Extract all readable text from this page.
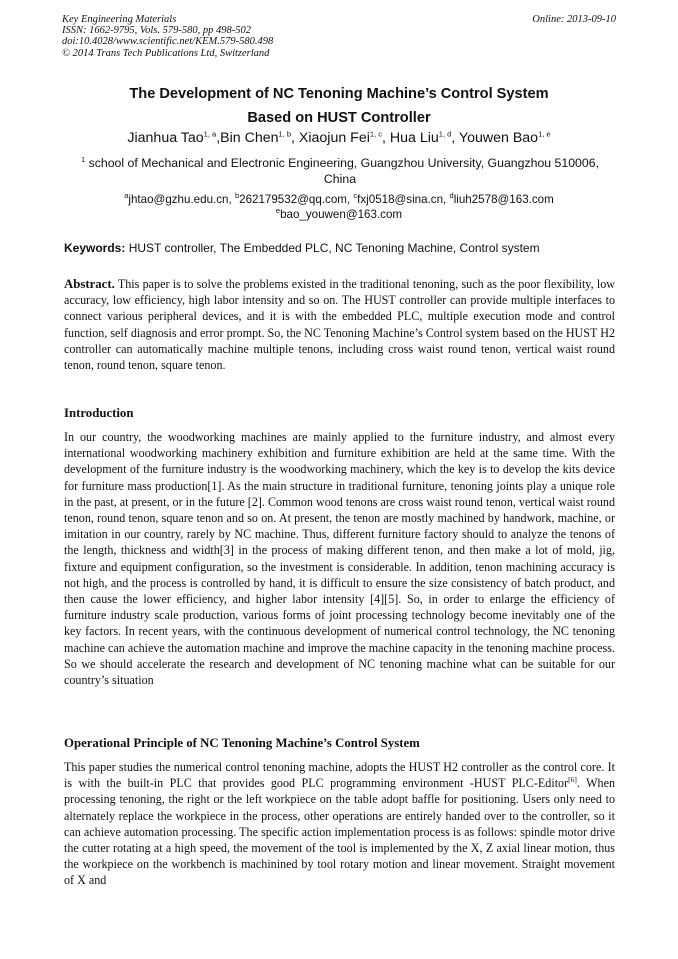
Key Engineering Materials
ISSN: 1662-9795, Vols. 579-580, pp 498-502
doi:10.4028/www.scientific.net/KEM.579-580.498
© 2014 Trans Tech Publications Ltd, Switzerland
Online: 2013-09-10
The Development of NC Tenoning Machine’s Control System
Based on HUST Controller
Jianhua Tao$^{1, a}$,Bin Chen$^{1, b}$, Xiaojun Fei$^{1, c}$, Hua Liu$^{1, d}$, Youwen Bao$^{1, e}$
$^1$ school of Mechanical and Electronic Engineering, Guangzhou University, Guangzhou 510006, China
$^a$jhtao@gzhu.edu.cn, $^b$262179532@qq.com, $^c$fxj0518@sina.cn, $^d$liuh2578@163.com
$^e$bao_youwen@163.com
Keywords: HUST controller, The Embedded PLC, NC Tenoning Machine, Control system
Abstract. This paper is to solve the problems existed in the traditional tenoning, such as the poor flexibility, low accuracy, low efficiency, high labor intensity and so on. The HUST controller can provide multiple interfaces to connect various peripheral devices, and it is with the embedded PLC, multiple execution mode and control function, self diagnosis and error prompt. So, the NC Tenoning Machine’s Control system based on the HUST H2 controller can automatically machine multiple tenons, including cross waist round tenon, vertical waist round tenon, round tenon, square tenon.
Introduction
In our country, the woodworking machines are mainly applied to the furniture industry, and almost every international woodworking machinery exhibition and furniture exhibition are held at the same time. With the development of the furniture industry is the woodworking machinery, which the key is to develop the kits device for furniture mass production[1]. As the main structure in traditional furniture, tenoning joints play a unique role in the past, at present, or in the future [2]. Common wood tenons are cross waist round tenon, vertical waist round tenon, round tenon, square tenon and so on. At present, the tenon are mostly machined by handwork, machine, or imitation in our country, rarely by NC machine. Thus, different furniture factory should to analyze the tenons of the length, thickness and width[3] in the process of making different tenon, and then make a lot of mold, jig, fixture and equipment configuration, so the investment is considerable. In addition, tenon machining accuracy is not high, and the process is controlled by hand, it is difficult to ensure the size consistency of batch product, and then cause the lower efficiency, and higher labor intensity [4][5]. So, in order to enlarge the efficiency of furniture industry scale production, various forms of joint processing technology become inevitably one of the key factors. In recent years, with the continuous development of numerical control technology, the NC tenoning machine can achieve the automation machine and improve the machine capacity in the tenoning machine process. So we should accelerate the research and development of NC tenoning machine what can be suitable for our country’s situation
Operational Principle of NC Tenoning Machine’s Control System
This paper studies the numerical control tenoning machine, adopts the HUST H2 controller as the control core. It is with the built-in PLC that provides good PLC programming environment -HUST PLC-Editor[6]. When processing tenoning, the right or the left workpiece on the table adopt baffle for positioning. Users only need to alternately replace the workpiece in the process, other operations are entirely handed over to the controller, so it can achieve automation processing. The specific action implementation process is as follows: spindle motor drive the cutter rotating at a high speed, the movement of the tool is implemented by the X, Z axial linear motion, thus the workpiece on the workbench is machinined by tool rotary motion and linear movement. Straight movement of X and
